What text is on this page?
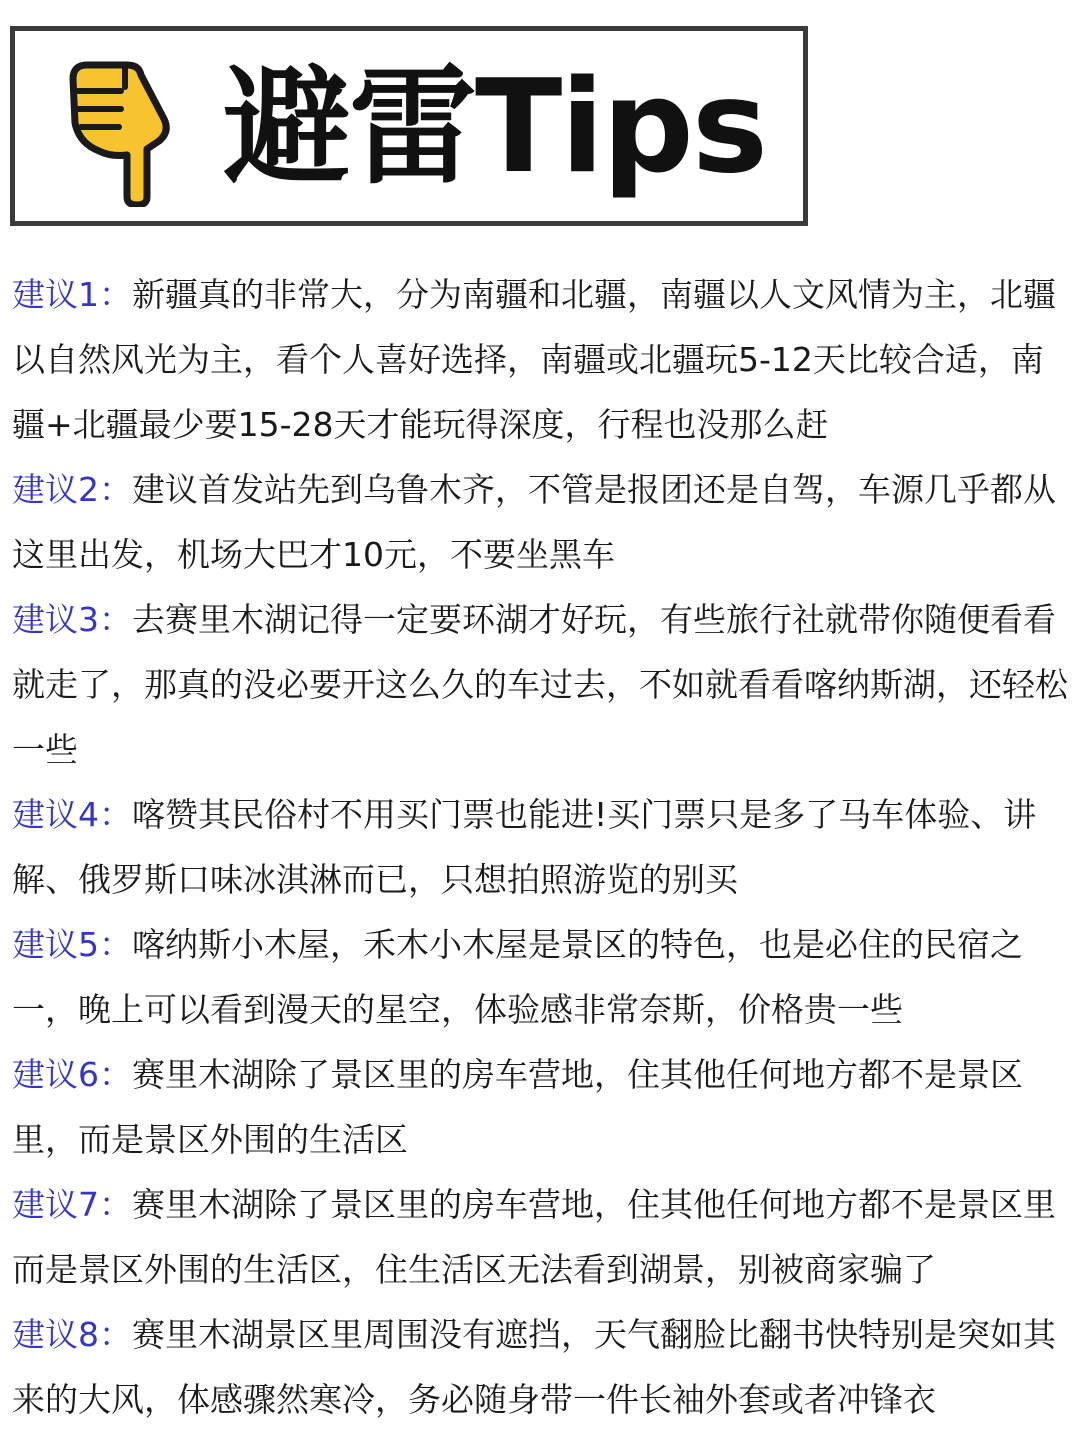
避雷Tips

建议1：新疆真的非常大，分为南疆和北疆，南疆以人文风情为主，北疆以自然风光为主，看个人喜好选择，南疆或北疆玩5-12天比较合适，南疆+北疆最少要15-28天才能玩得深度，行程也没那么赶

建议2：建议首发站先到乌鲁木齐，不管是报团还是自驾，车源几乎都从这里出发，机场大巴才10元，不要坐黑车

建议3：去赛里木湖记得一定要环湖才好玩，有些旅行社就带你随便看看就走了，那真的没必要开这么久的车过去，不如就看看喀纳斯湖，还轻松一些

建议4：喀赞其民俗村不用买门票也能进!买门票只是多了马车体验、讲解、俄罗斯口味冰淇淋而已，只想拍照游览的别买

建议5：喀纳斯小木屋，禾木小木屋是景区的特色，也是必住的民宿之一，晚上可以看到漫天的星空，体验感非常奈斯，价格贵一些

建议6：赛里木湖除了景区里的房车营地，住其他任何地方都不是景区里，而是景区外围的生活区

建议7：赛里木湖除了景区里的房车营地，住其他任何地方都不是景区里 而是景区外围的生活区，住生活区无法看到湖景，别被商家骗了

建议8：赛里木湖景区里周围没有遮挡，天气翻脸比翻书快特别是突如其来的大风，体感骤然寒冷，务必随身带一件长袖外套或者冲锋衣
